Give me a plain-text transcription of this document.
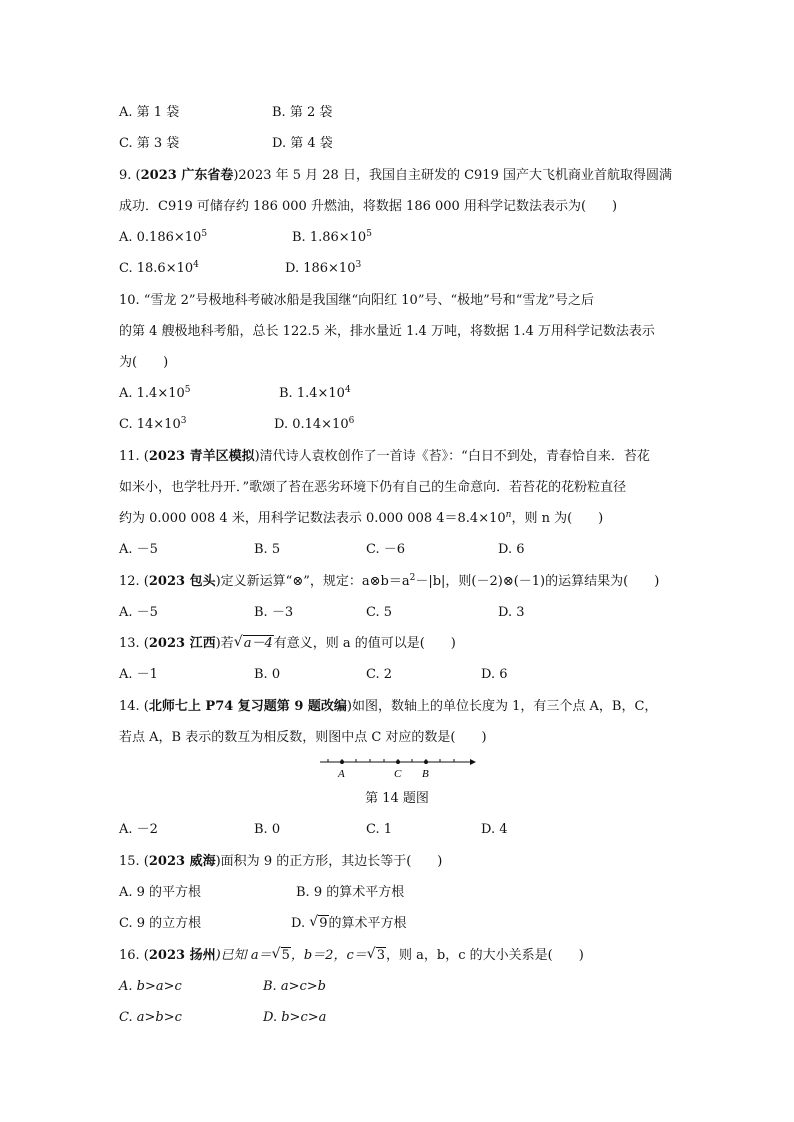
A. 第 1 袋	B. 第 2 袋
C. 第 3 袋	D. 第 4 袋
9. (2023 广东省卷)2023 年 5 月 28 日，我国自主研发的 C919 国产大飞机商业首航取得圆满
成功．C919 可储存约 186 000 升燃油，将数据 186 000 用科学记数法表示为(　　)
A. $0.186\times 10^5$	B. $1.86\times 10^5$
C. $18.6\times 10^4$	D. $186\times 10^3$
10. “雪龙 2”号极地科考破冰船是我国继“向阳红 10”号、“极地”号和“雪龙”号之后
的第 4 艘极地科考船，总长 122.5 米，排水量近 1.4 万吨，将数据 1.4 万用科学记数法表示
为(　　)
A. $1.4\times 10^5$	B. $1.4\times 10^4$
C. $14\times 10^3$	D. $0.14\times 10^6$
11. (2023 青羊区模拟)清代诗人袁枚创作了一首诗《苔》：“白日不到处，青春恰自来．苔花
如米小，也学牡丹开．”歌颂了苔在恶劣环境下仍有自己的生命意向．若苔花的花粉粒直径
约为 0.000 008 4 米，用科学记数法表示 0.000 008 $4=8.4\times 10^n$，则 n 为(　　)
A. －5	B. 5	C. －6	D. 6
12. (2023 包头)定义新运算“⊗”，规定：$a\otimes b=a^2-|b|$，则(－2)⊗(－1)的运算结果为(　　)
A. －5	B. －3	C. 5	D. 3
13. (2023 江西)若 √ a－4有意义，则 a 的值可以是(　　)
A. －1	B. 0	C. 2	D. 6
14. (北师七上 P74 复习题第 9 题改编)如图，数轴上的单位长度为 1，有三个点 A，B，C，
若点 A，B 表示的数互为相反数，则图中点 C 对应的数是(　　)
A	C B
第 14 题图
A. －2	B. 0	C. 1	D. 4
15. (2023 威海)面积为 9 的正方形，其边长等于(　　)
A. 9 的平方根	B. 9 的算术平方根
C. 9 的立方根	D. √ 9的算术平方根
16. (2023 扬州)已知 a＝ √ 5，b＝2，c＝ √ 3，则 a，b，c 的大小关系是(　　)
A. b>a>c	B. a>c>b
C. a>b>c	D. b>c>a
